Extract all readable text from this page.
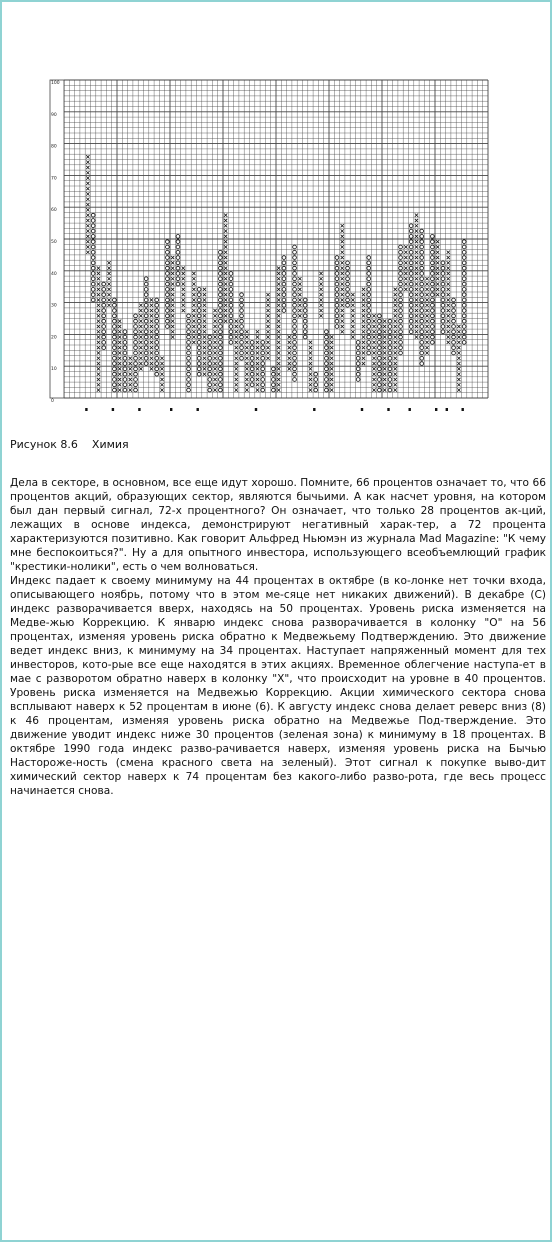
100
90
80
70
60
50
40
30
20
10
0
Рисунок 8.6 Химия

Дела в секторе, в основном, все еще идут хорошо. Помните, 66 процентов означает то, что 66 процентов акций, образующих сектор, являются бычьими. А как насчет уровня, на котором был дан первый сигнал, 72-х процентного? Он означает, что только 28 процентов ак-ций, лежащих в основе индекса, демонстрируют негативный харак-тер, а 72 процента характеризуются позитивно. Как говорит Альфред Ньюмэн из журнала Mad Magazine: "К чему мне беспокоиться?". Ну а для опытного инвестора, использующего всеобъемлющий график "крестики-нолики", есть о чем волноваться.

Индекс падает к своему минимуму на 44 процентах в октябре (в ко-лонке нет точки входа, описывающего ноябрь, потому что в этом ме-сяце нет никаких движений). В декабре (С) индекс разворачивается вверх, находясь на 50 процентах. Уровень риска изменяется на Медве-жью Коррекцию. К январю индекс снова разворачивается в колонку "О" на 56 процентах, изменяя уровень риска обратно к Медвежьему Подтверждению. Это движение ведет индекс вниз, к минимуму на 34 процентах. Наступает напряженный момент для тех инвесторов, кото-рые все еще находятся в этих акциях. Временное облегчение наступа-ет в мае с разворотом обратно наверх в колонку "X", что происходит на уровне в 40 процентов. Уровень риска изменяется на Медвежью Коррекцию. Акции химического сектора снова всплывают наверх к 52 процентам в июне (6). К августу индекс снова делает реверс вниз (8) к 46 процентам, изменяя уровень риска обратно на Медвежье Под-тверждение. Это движение уводит индекс ниже 30 процентов (зеленая зона) к минимуму в 18 процентах. В октябре 1990 года индекс разво-рачивается наверх, изменяя уровень риска на Бычью Настороже-ность (смена красного света на зеленый). Этот сигнал к покупке выво-дит химический сектор наверх к 74 процентам без какого-либо разво-рота, где весь процесс начинается снова.
